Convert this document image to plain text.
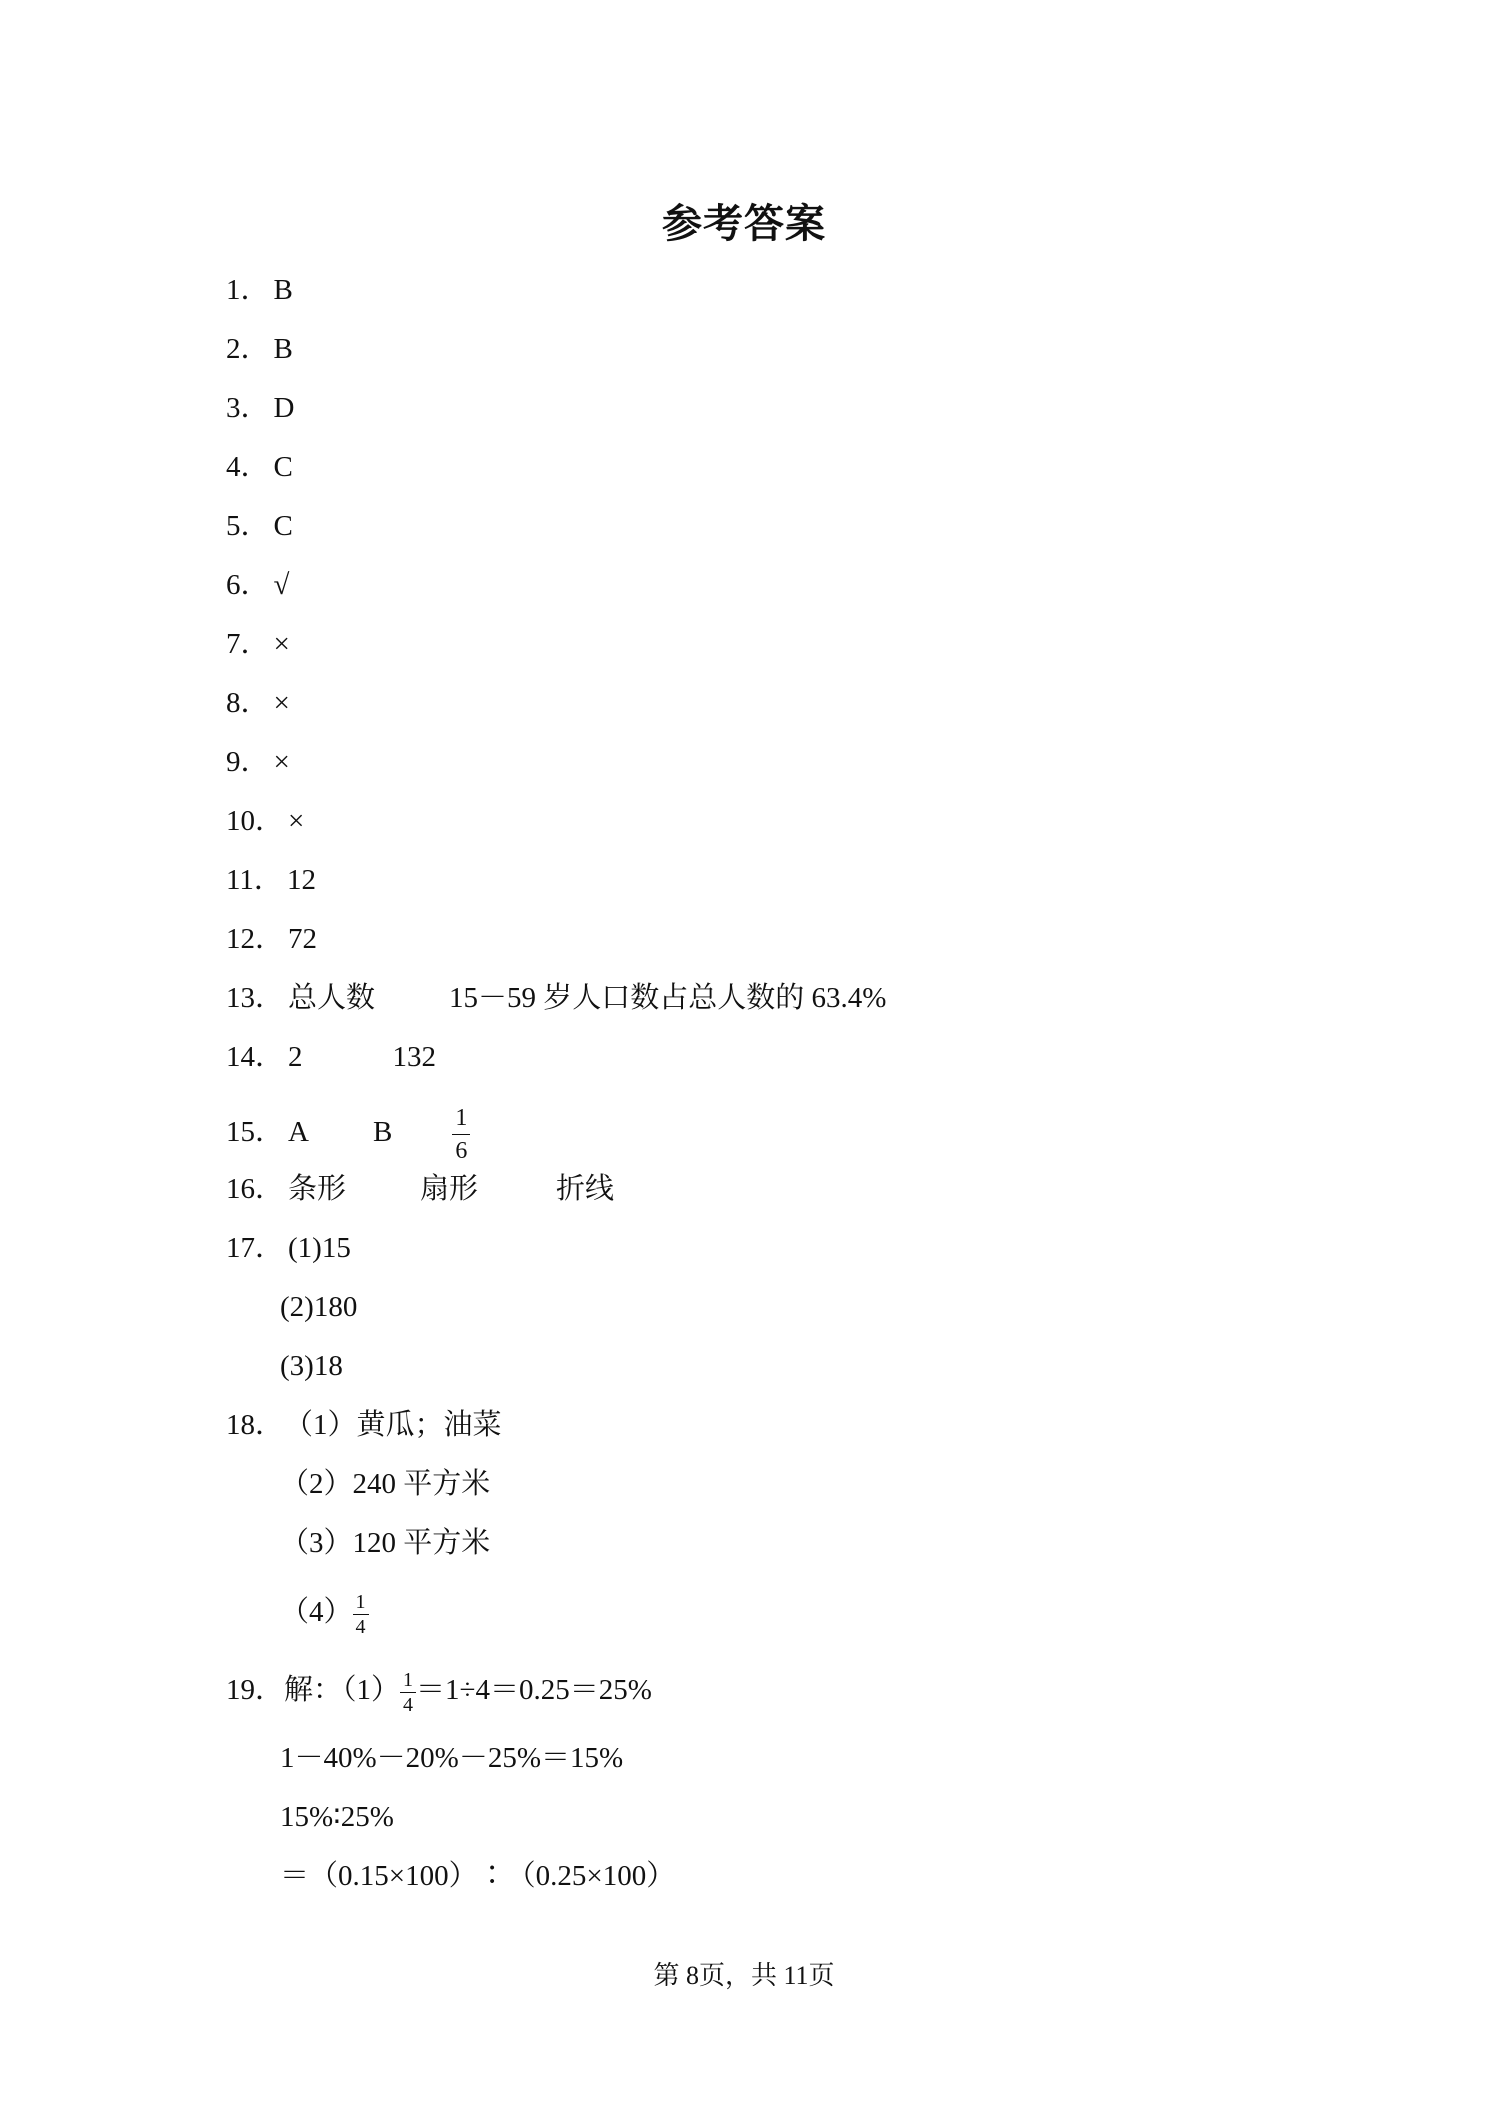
参考答案
1． B
2． B
3． D
4． C
5． C
6． √
7． ×
8． ×
9． ×
10． ×
11． 12
12． 72
13． 总人数	15－59 岁人口数占总人数的 63.4%
14． 2	132
15． A B	$\frac{1}{6}$
16． 条形	扇形	折线
17． (1)15
(2)180
(3)18
18．（1）黄瓜；油菜
（2）240 平方米
（3）120 平方米
$(4) \frac{1}{4}$
19．解：$(1) \frac{1}{4} =1\div 4=0.25=25\%$
1－40%－20%－25%＝15%
15%∶25%
＝（0.15×100）∶（0.25×100）
第 8页，共 11页
